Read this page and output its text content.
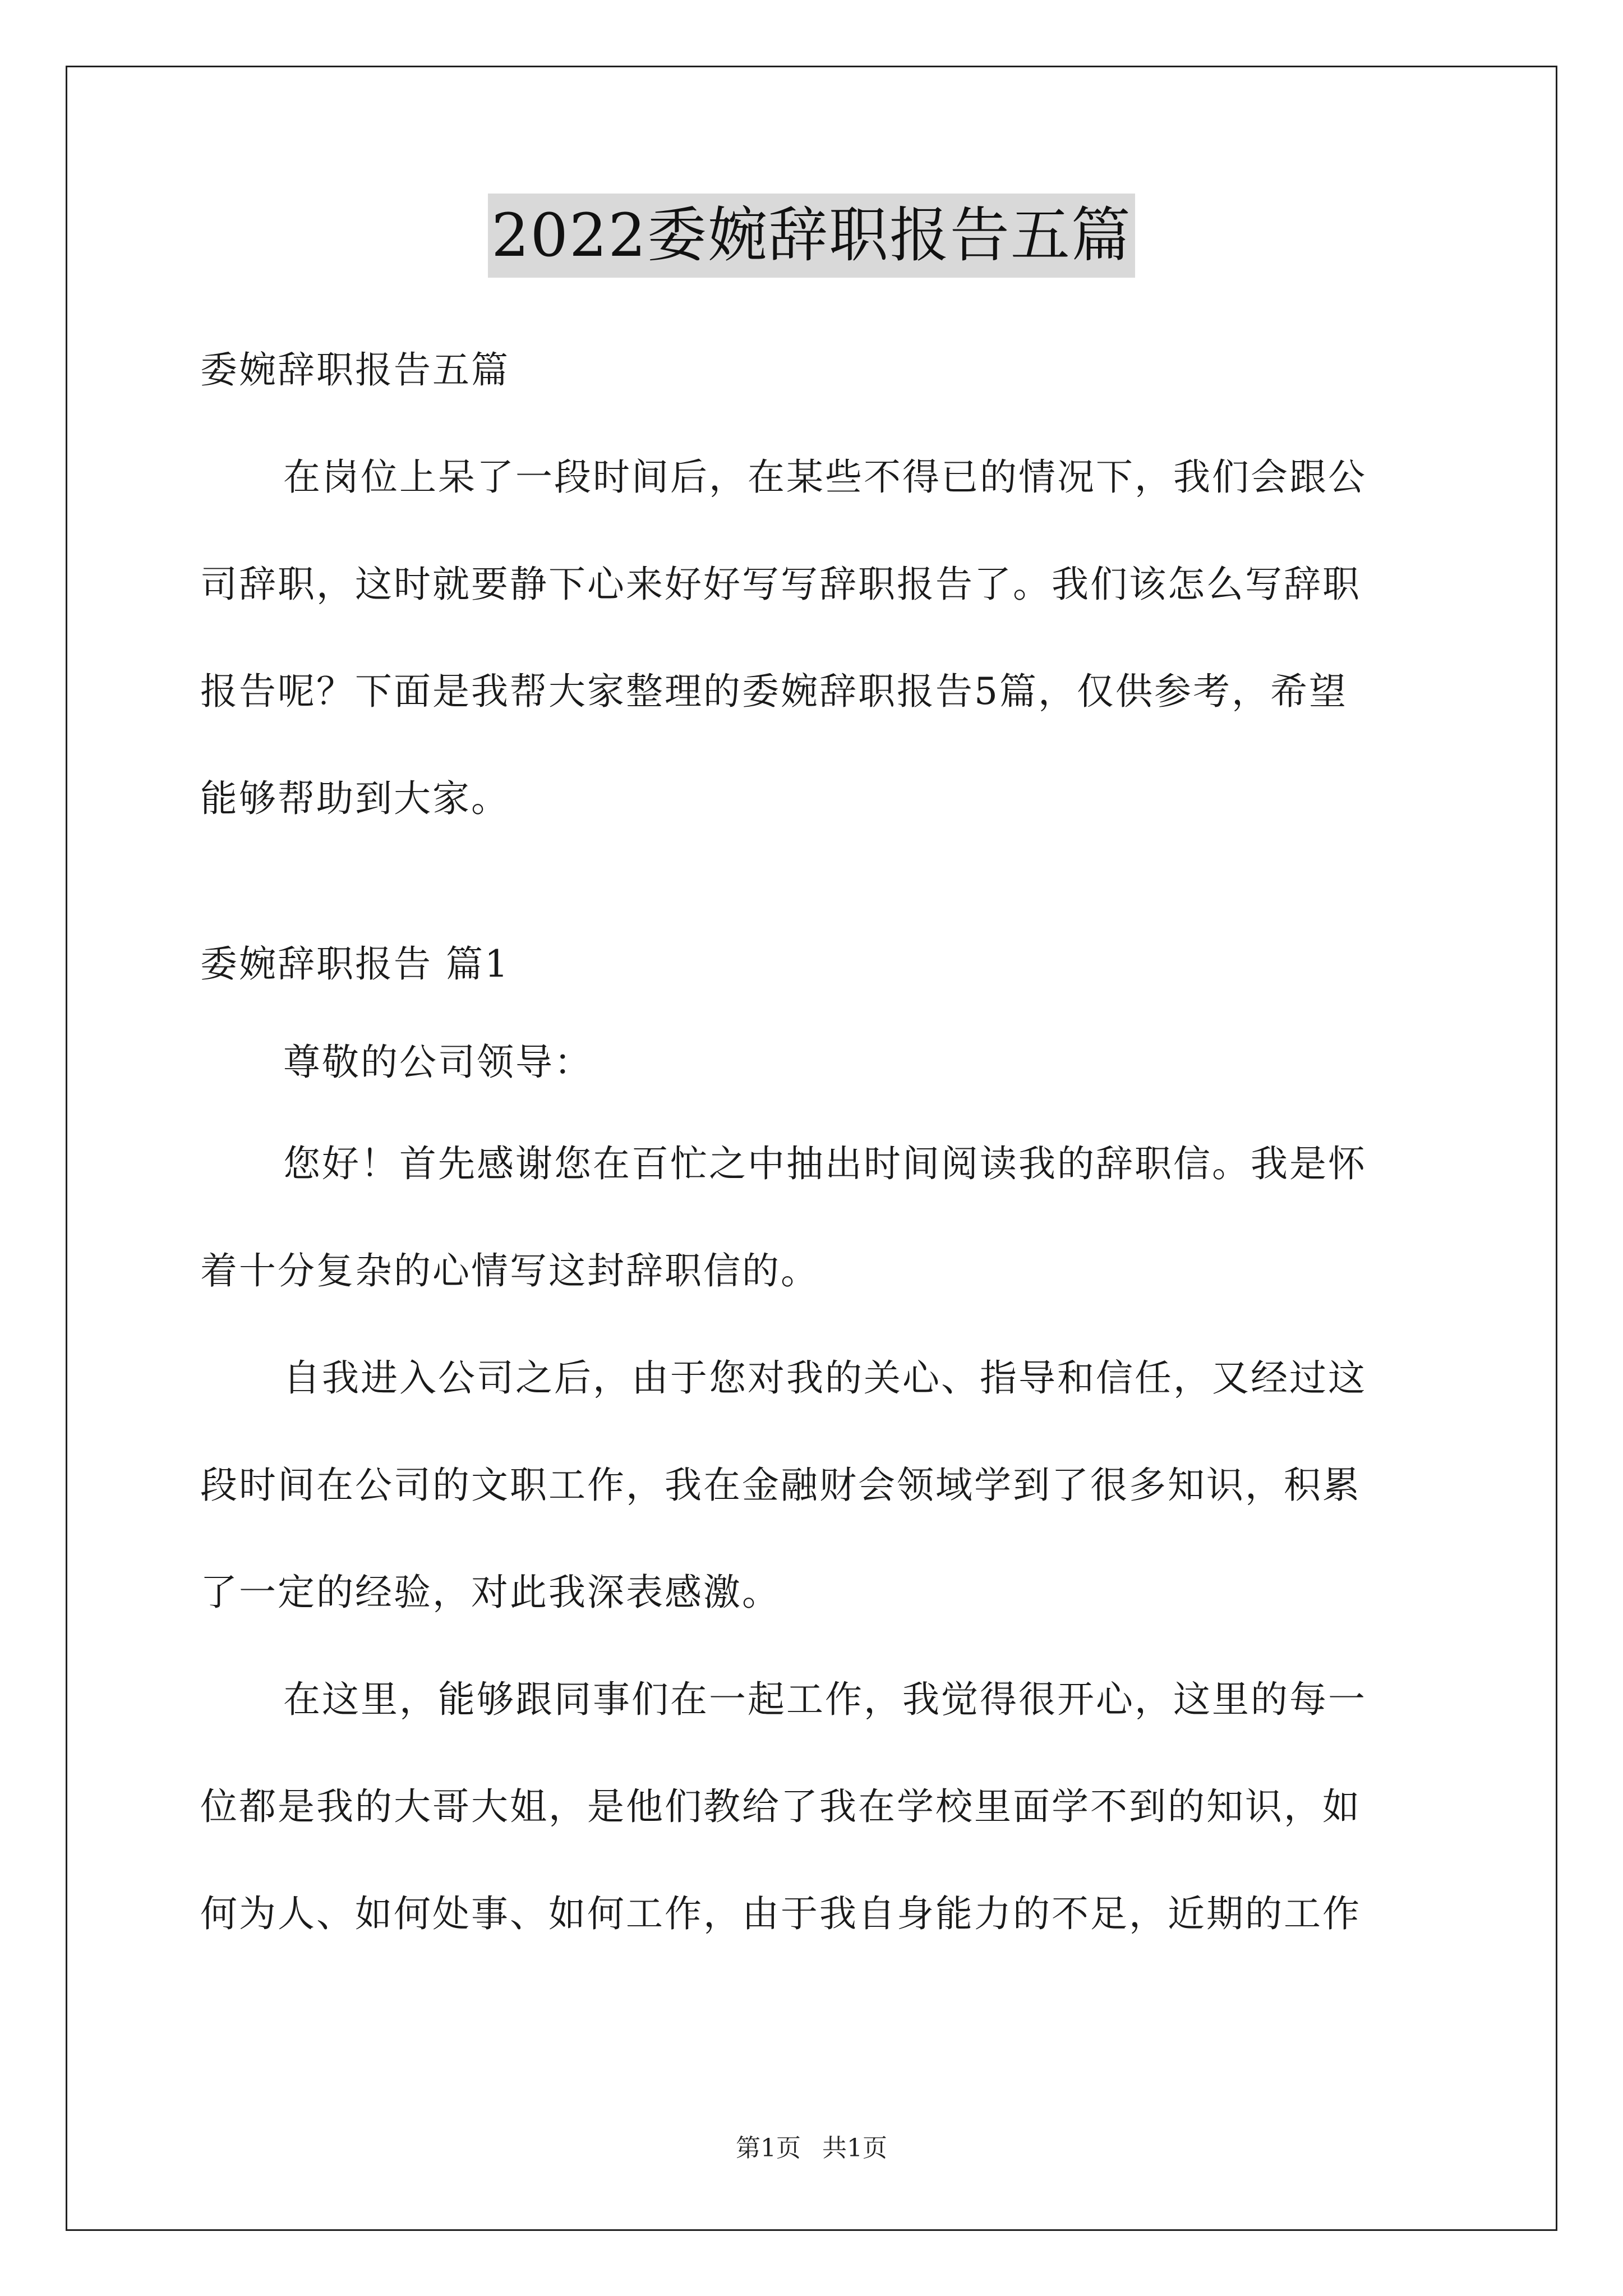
2022委婉辞职报告五篇
委婉辞职报告五篇
在岗位上呆了一段时间后，在某些不得已的情况下，我们会跟公
司辞职，这时就要静下心来好好写写辞职报告了。我们该怎么写辞职
报告呢？下面是我帮大家整理的委婉辞职报告5篇，仅供参考，希望
能够帮助到大家。
委婉辞职报告 篇1
尊敬的公司领导：
您好！首先感谢您在百忙之中抽出时间阅读我的辞职信。我是怀
着十分复杂的心情写这封辞职信的。
自我进入公司之后，由于您对我的关心、指导和信任，又经过这
段时间在公司的文职工作，我在金融财会领域学到了很多知识，积累
了一定的经验，对此我深表感激。
在这里，能够跟同事们在一起工作，我觉得很开心，这里的每一
位都是我的大哥大姐，是他们教给了我在学校里面学不到的知识，如
何为人、如何处事、如何工作，由于我自身能力的不足，近期的工作
第1页 共1页
